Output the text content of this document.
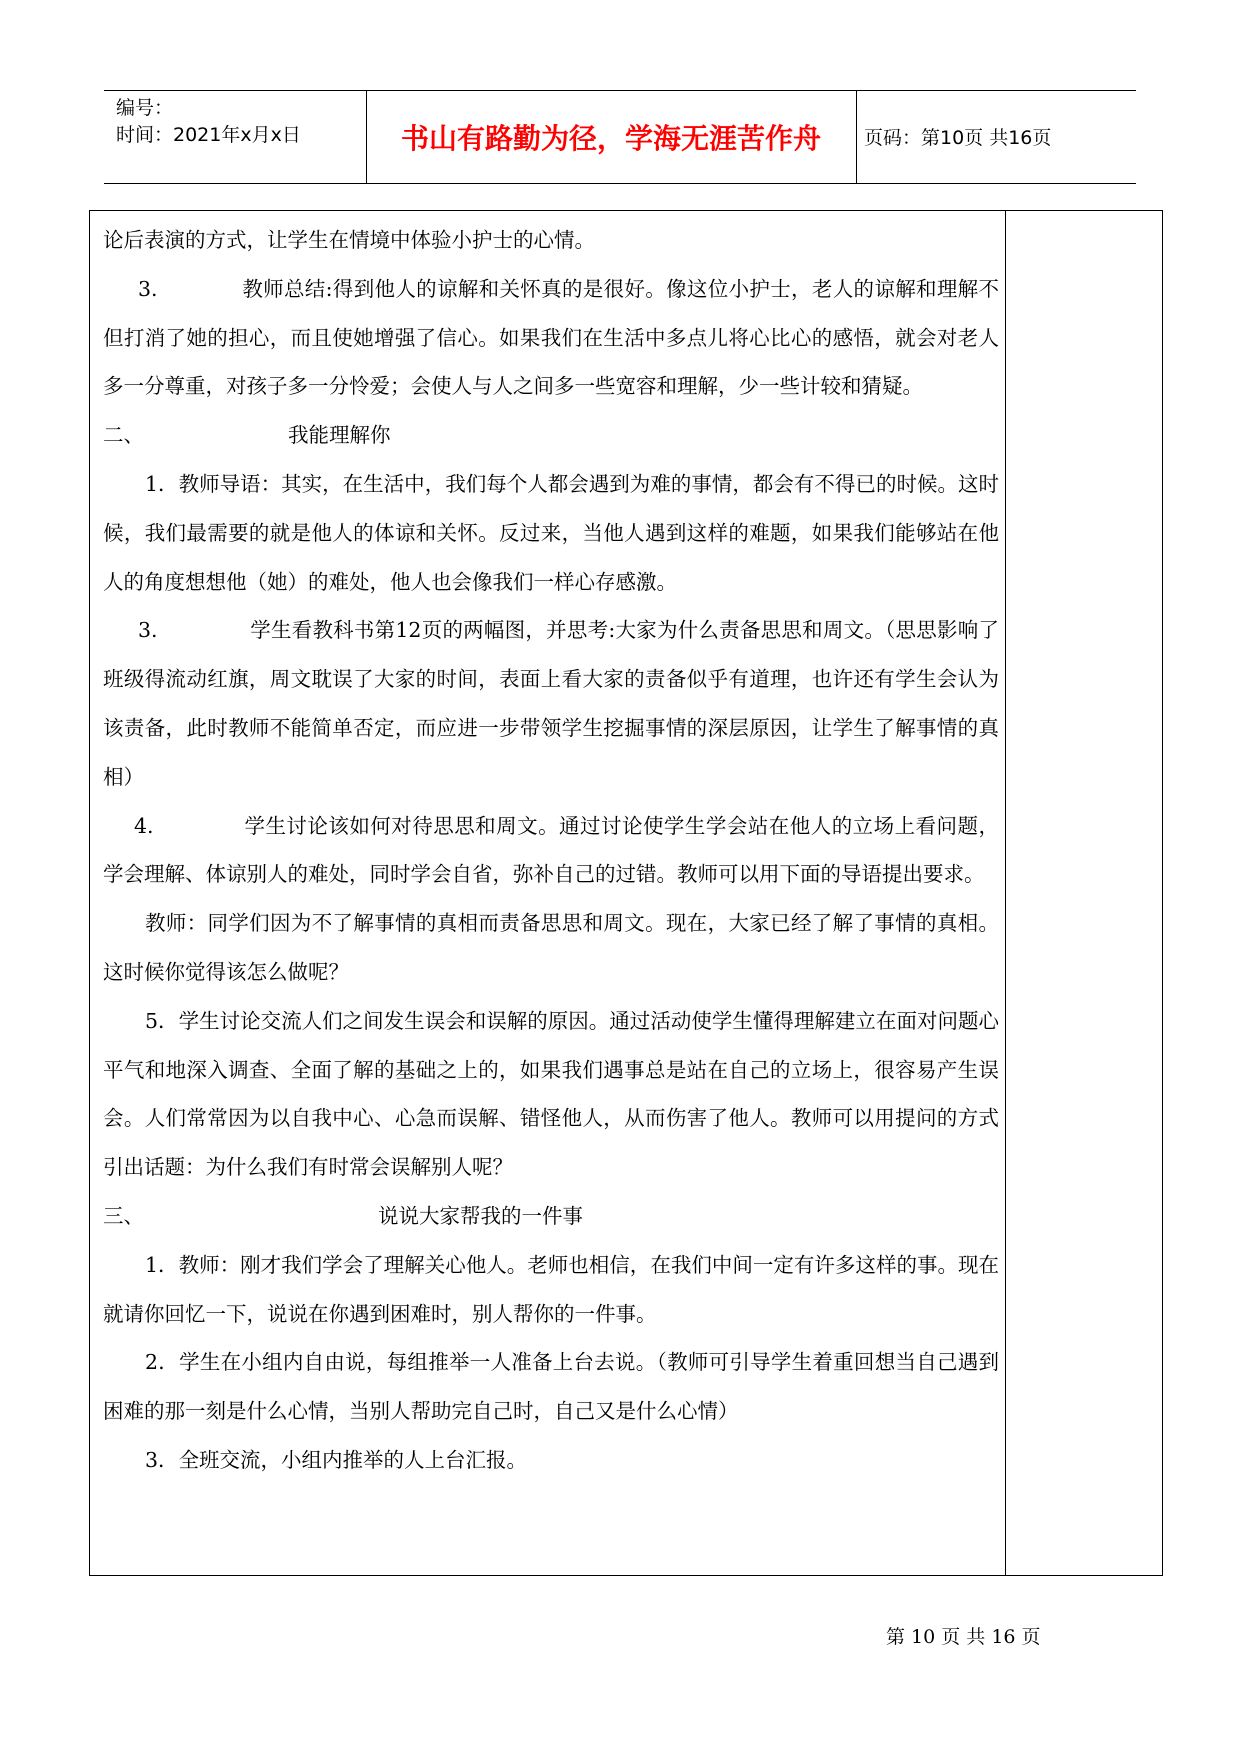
编号：
时间：2021年x月x日	书山有路勤为径，学海无涯苦作舟	页码：第10页 共16页

论后表演的方式，让学生在情境中体验小护士的心情。

3.	教师总结:得到他人的谅解和关怀真的是很好。像这位小护士，老人的谅解和理解不但打消了她的担心，而且使她增强了信心。如果我们在生活中多点儿将心比心的感悟，就会对老人多一分尊重，对孩子多一分怜爱；会使人与人之间多一些宽容和理解，少一些计较和猜疑。

二、	我能理解你

1．教师导语：其实，在生活中，我们每个人都会遇到为难的事情，都会有不得已的时候。这时候，我们最需要的就是他人的体谅和关怀。反过来，当他人遇到这样的难题，如果我们能够站在他人的角度想想他（她）的难处，他人也会像我们一样心存感激。

3.	学生看教科书第12页的两幅图，并思考:大家为什么责备思思和周文。（思思影响了班级得流动红旗，周文耽误了大家的时间，表面上看大家的责备似乎有道理，也许还有学生会认为该责备，此时教师不能简单否定，而应进一步带领学生挖掘事情的深层原因，让学生了解事情的真相）

4.	学生讨论该如何对待思思和周文。通过讨论使学生学会站在他人的立场上看问题，学会理解、体谅别人的难处，同时学会自省，弥补自己的过错。教师可以用下面的导语提出要求。

教师：同学们因为不了解事情的真相而责备思思和周文。现在，大家已经了解了事情的真相。这时候你觉得该怎么做呢？

5．学生讨论交流人们之间发生误会和误解的原因。通过活动使学生懂得理解建立在面对问题心平气和地深入调查、全面了解的基础之上的，如果我们遇事总是站在自己的立场上，很容易产生误会。人们常常因为以自我中心、心急而误解、错怪他人，从而伤害了他人。教师可以用提问的方式引出话题：为什么我们有时常会误解别人呢？

三、	说说大家帮我的一件事

1．教师：刚才我们学会了理解关心他人。老师也相信，在我们中间一定有许多这样的事。现在就请你回忆一下，说说在你遇到困难时，别人帮你的一件事。

2．学生在小组内自由说，每组推举一人准备上台去说。（教师可引导学生着重回想当自己遇到困难的那一刻是什么心情，当别人帮助完自己时，自己又是什么心情）

3．全班交流，小组内推举的人上台汇报。

第 10 页 共 16 页
